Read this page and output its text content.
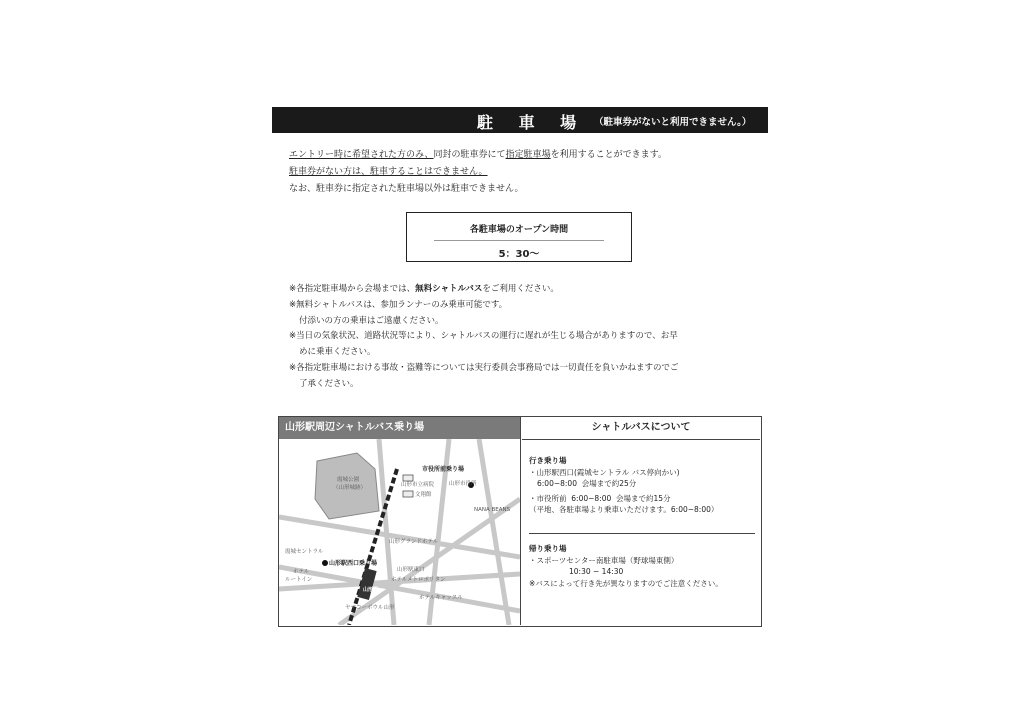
駐 車 場 （駐車券がないと利用できません。）

エントリー時に希望された方のみ、同封の駐車券にて指定駐車場を利用することができます。

駐車券がない方は、駐車することはできません。

なお、駐車券に指定された駐車場以外は駐車できません。

各駐車場のオープン時間
5：30～

※各指定駐車場から会場までは、無料シャトルバスをご利用ください。

※無料シャトルバスは、参加ランナーのみ乗車可能です。

付添いの方の乗車はご遠慮ください。

※当日の気象状況、道路状況等により、シャトルバスの運行に遅れが生じる場合がありますので、お早

めに乗車ください。

※各指定駐車場における事故・盗難等については実行委員会事務局では一切責任を負いかねますのでご

了承ください。

山形駅周辺シャトルバス乗り場
霞城公園
（山形城跡）
山形駅
市役所前乗り場
山形市役所
山形市立病院
文翔館
NANA BEANS
山形駅西口乗り場
霞城セントラル
ホテル
ルートイン
山形グランドホテル
山形駅東口
ホテルメトロポリタン
ヤマコーボウル山形
ホテルキャッスル
シャトルバスについて
行き乗り場
・山形駅西口(霞城セントラル バス停向かい)
6:00−8:00 会場まで約25分
・市役所前 6:00−8:00 会場まで約15分
（平地、各駐車場より乗車いただけます。6:00−8:00）
帰り乗り場
・スポーツセンター南駐車場（野球場東側）
10:30 − 14:30
※バスによって行き先が異なりますのでご注意ください。
